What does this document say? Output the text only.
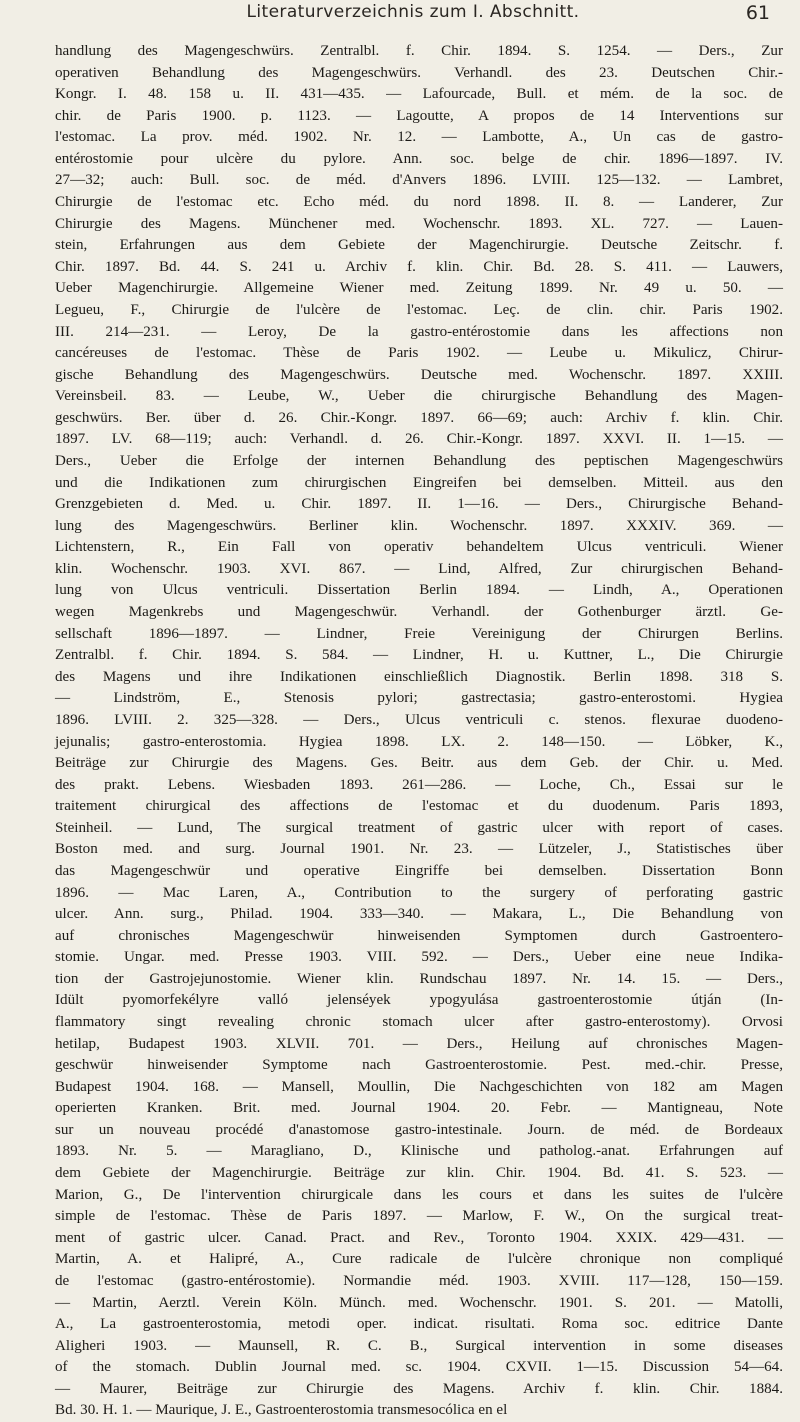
Literaturverzeichnis zum I. Abschnitt.	61
handlung des Magengeschwürs. Zentralbl. f. Chir. 1894. S. 1254. — Ders., Zur
operativen Behandlung des Magengeschwürs. Verhandl. des 23. Deutschen Chir.-
Kongr. I. 48. 158 u. II. 431—435. — Lafourcade, Bull. et mém. de la soc. de
chir. de Paris 1900. p. 1123. — Lagoutte, A propos de 14 Interventions sur
l'estomac. La prov. méd. 1902. Nr. 12. — Lambotte, A., Un cas de gastro-
entérostomie pour ulcère du pylore. Ann. soc. belge de chir. 1896—1897. IV.
27—32; auch: Bull. soc. de méd. d'Anvers 1896. LVIII. 125—132. — Lambret,
Chirurgie de l'estomac etc. Echo méd. du nord 1898. II. 8. — Landerer, Zur
Chirurgie des Magens. Münchener med. Wochenschr. 1893. XL. 727. — Lauen-
stein, Erfahrungen aus dem Gebiete der Magenchirurgie. Deutsche Zeitschr. f.
Chir. 1897. Bd. 44. S. 241 u. Archiv f. klin. Chir. Bd. 28. S. 411. — Lauwers,
Ueber Magenchirurgie. Allgemeine Wiener med. Zeitung 1899. Nr. 49 u. 50. —
Legueu, F., Chirurgie de l'ulcère de l'estomac. Leç. de clin. chir. Paris 1902.
III. 214—231. — Leroy, De la gastro-entérostomie dans les affections non
cancéreuses de l'estomac. Thèse de Paris 1902. — Leube u. Mikulicz, Chirur-
gische Behandlung des Magengeschwürs. Deutsche med. Wochenschr. 1897. XXIII.
Vereinsbeil. 83. — Leube, W., Ueber die chirurgische Behandlung des Magen-
geschwürs. Ber. über d. 26. Chir.-Kongr. 1897. 66—69; auch: Archiv f. klin. Chir.
1897. LV. 68—119; auch: Verhandl. d. 26. Chir.-Kongr. 1897. XXVI. II. 1—15. —
Ders., Ueber die Erfolge der internen Behandlung des peptischen Magengeschwürs
und die Indikationen zum chirurgischen Eingreifen bei demselben. Mitteil. aus den
Grenzgebieten d. Med. u. Chir. 1897. II. 1—16. — Ders., Chirurgische Behand-
lung des Magengeschwürs. Berliner klin. Wochenschr. 1897. XXXIV. 369. —
Lichtenstern, R., Ein Fall von operativ behandeltem Ulcus ventriculi. Wiener
klin. Wochenschr. 1903. XVI. 867. — Lind, Alfred, Zur chirurgischen Behand-
lung von Ulcus ventriculi. Dissertation Berlin 1894. — Lindh, A., Operationen
wegen Magenkrebs und Magengeschwür. Verhandl. der Gothenburger ärztl. Ge-
sellschaft 1896—1897. — Lindner, Freie Vereinigung der Chirurgen Berlins.
Zentralbl. f. Chir. 1894. S. 584. — Lindner, H. u. Kuttner, L., Die Chirurgie
des Magens und ihre Indikationen einschließlich Diagnostik. Berlin 1898. 318 S.
— Lindström, E., Stenosis pylori; gastrectasia; gastro-enterostomi. Hygiea
1896. LVIII. 2. 325—328. — Ders., Ulcus ventriculi c. stenos. flexurae duodeno-
jejunalis; gastro-enterostomia. Hygiea 1898. LX. 2. 148—150. — Löbker, K.,
Beiträge zur Chirurgie des Magens. Ges. Beitr. aus dem Geb. der Chir. u. Med.
des prakt. Lebens. Wiesbaden 1893. 261—286. — Loche, Ch., Essai sur le
traitement chirurgical des affections de l'estomac et du duodenum. Paris 1893,
Steinheil. — Lund, The surgical treatment of gastric ulcer with report of cases.
Boston med. and surg. Journal 1901. Nr. 23. — Lützeler, J., Statistisches über
das Magengeschwür und operative Eingriffe bei demselben. Dissertation Bonn
1896. — Mac Laren, A., Contribution to the surgery of perforating gastric
ulcer. Ann. surg., Philad. 1904. 333—340. — Makara, L., Die Behandlung von
auf chronisches Magengeschwür hinweisenden Symptomen durch Gastroentero-
stomie. Ungar. med. Presse 1903. VIII. 592. — Ders., Ueber eine neue Indika-
tion der Gastrojejunostomie. Wiener klin. Rundschau 1897. Nr. 14. 15. — Ders.,
Idült pyomorfekélyre valló jelenséyek ypogyulása gastroenterostomie útján (In-
flammatory singt revealing chronic stomach ulcer after gastro-enterostomy). Orvosi
hetilap, Budapest 1903. XLVII. 701. — Ders., Heilung auf chronisches Magen-
geschwür hinweisender Symptome nach Gastroenterostomie. Pest. med.-chir. Presse,
Budapest 1904. 168. — Mansell, Moullin, Die Nachgeschichten von 182 am Magen
operierten Kranken. Brit. med. Journal 1904. 20. Febr. — Mantigneau, Note
sur un nouveau procédé d'anastomose gastro-intestinale. Journ. de méd. de Bordeaux
1893. Nr. 5. — Maragliano, D., Klinische und patholog.-anat. Erfahrungen auf
dem Gebiete der Magenchirurgie. Beiträge zur klin. Chir. 1904. Bd. 41. S. 523. —
Marion, G., De l'intervention chirurgicale dans les cours et dans les suites de l'ulcère
simple de l'estomac. Thèse de Paris 1897. — Marlow, F. W., On the surgical treat-
ment of gastric ulcer. Canad. Pract. and Rev., Toronto 1904. XXIX. 429—431. —
Martin, A. et Halipré, A., Cure radicale de l'ulcère chronique non compliqué
de l'estomac (gastro-entérostomie). Normandie méd. 1903. XVIII. 117—128, 150—159.
— Martin, Aerztl. Verein Köln. Münch. med. Wochenschr. 1901. S. 201. — Matolli,
A., La gastroenterostomia, metodi oper. indicat. risultati. Roma soc. editrice Dante
Aligheri 1903. — Maunsell, R. C. B., Surgical intervention in some diseases
of the stomach. Dublin Journal med. sc. 1904. CXVII. 1—15. Discussion 54—64.
— Maurer, Beiträge zur Chirurgie des Magens. Archiv f. klin. Chir. 1884.
Bd. 30. H. 1. — Maurique, J. E., Gastroenterostomia transmesocólica en el
